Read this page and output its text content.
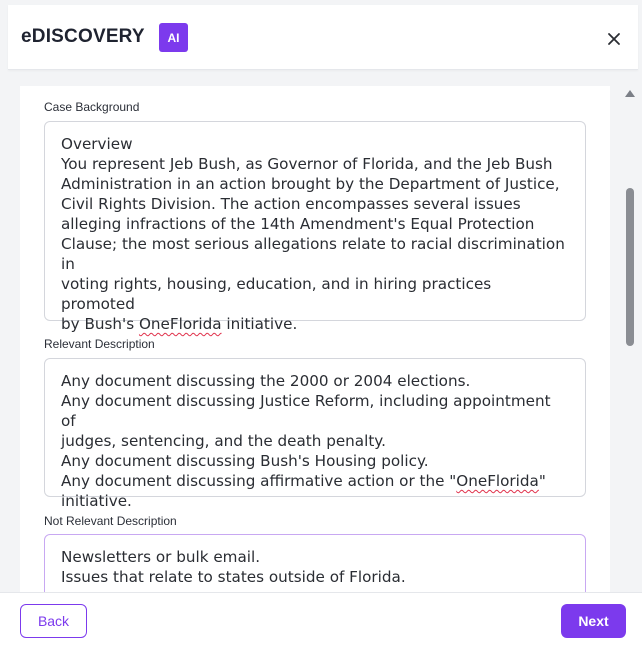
eDISCOVERY	AI
Case Background
Overview
You represent Jeb Bush, as Governor of Florida, and the Jeb Bush
Administration in an action brought by the Department of Justice,
Civil Rights Division. The action encompasses several issues
alleging infractions of the 14th Amendment's Equal Protection
Clause; the most serious allegations relate to racial discrimination in
voting rights, housing, education, and in hiring practices promoted
by Bush's OneFlorida initiative.
Relevant Description
Any document discussing the 2000 or 2004 elections.
Any document discussing Justice Reform, including appointment of
judges, sentencing, and the death penalty.
Any document discussing Bush's Housing policy.
Any document discussing affirmative action or the "OneFlorida"
initiative.
Not Relevant Description
Newsletters or bulk email.
Issues that relate to states outside of Florida.
Back	Next
